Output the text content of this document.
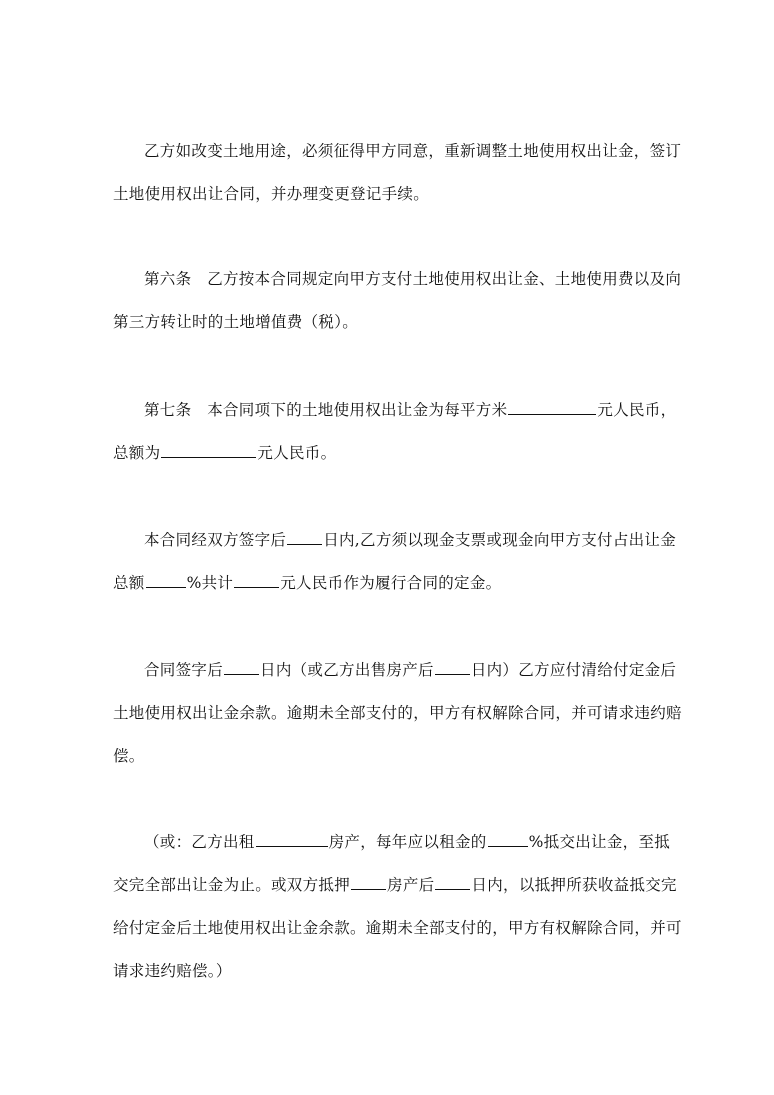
乙方如改变土地用途，必须征得甲方同意，重新调整土地使用权出让金，签订
土地使用权出让合同，并办理变更登记手续。
第六条　乙方按本合同规定向甲方支付土地使用权出让金、土地使用费以及向
第三方转让时的土地增值费（税）。
第七条　本合同项下的土地使用权出让金为每平方米	元人民币，
总额为	元人民币。
本合同经双方签字后 日内,乙方须以现金支票或现金向甲方支付占出让金
总额	%共计	元人民币作为履行合同的定金。
合同签字后 日内（或乙方出售房产后 日内）乙方应付清给付定金后
土地使用权出让金余款。逾期未全部支付的，甲方有权解除合同，并可请求违约赔
偿。
（或：乙方出租	房产，每年应以租金的	%抵交出让金，至抵
交完全部出让金为止。或双方抵押 房产后 日内，以抵押所获收益抵交完
给付定金后土地使用权出让金余款。逾期未全部支付的，甲方有权解除合同，并可
请求违约赔偿。）
